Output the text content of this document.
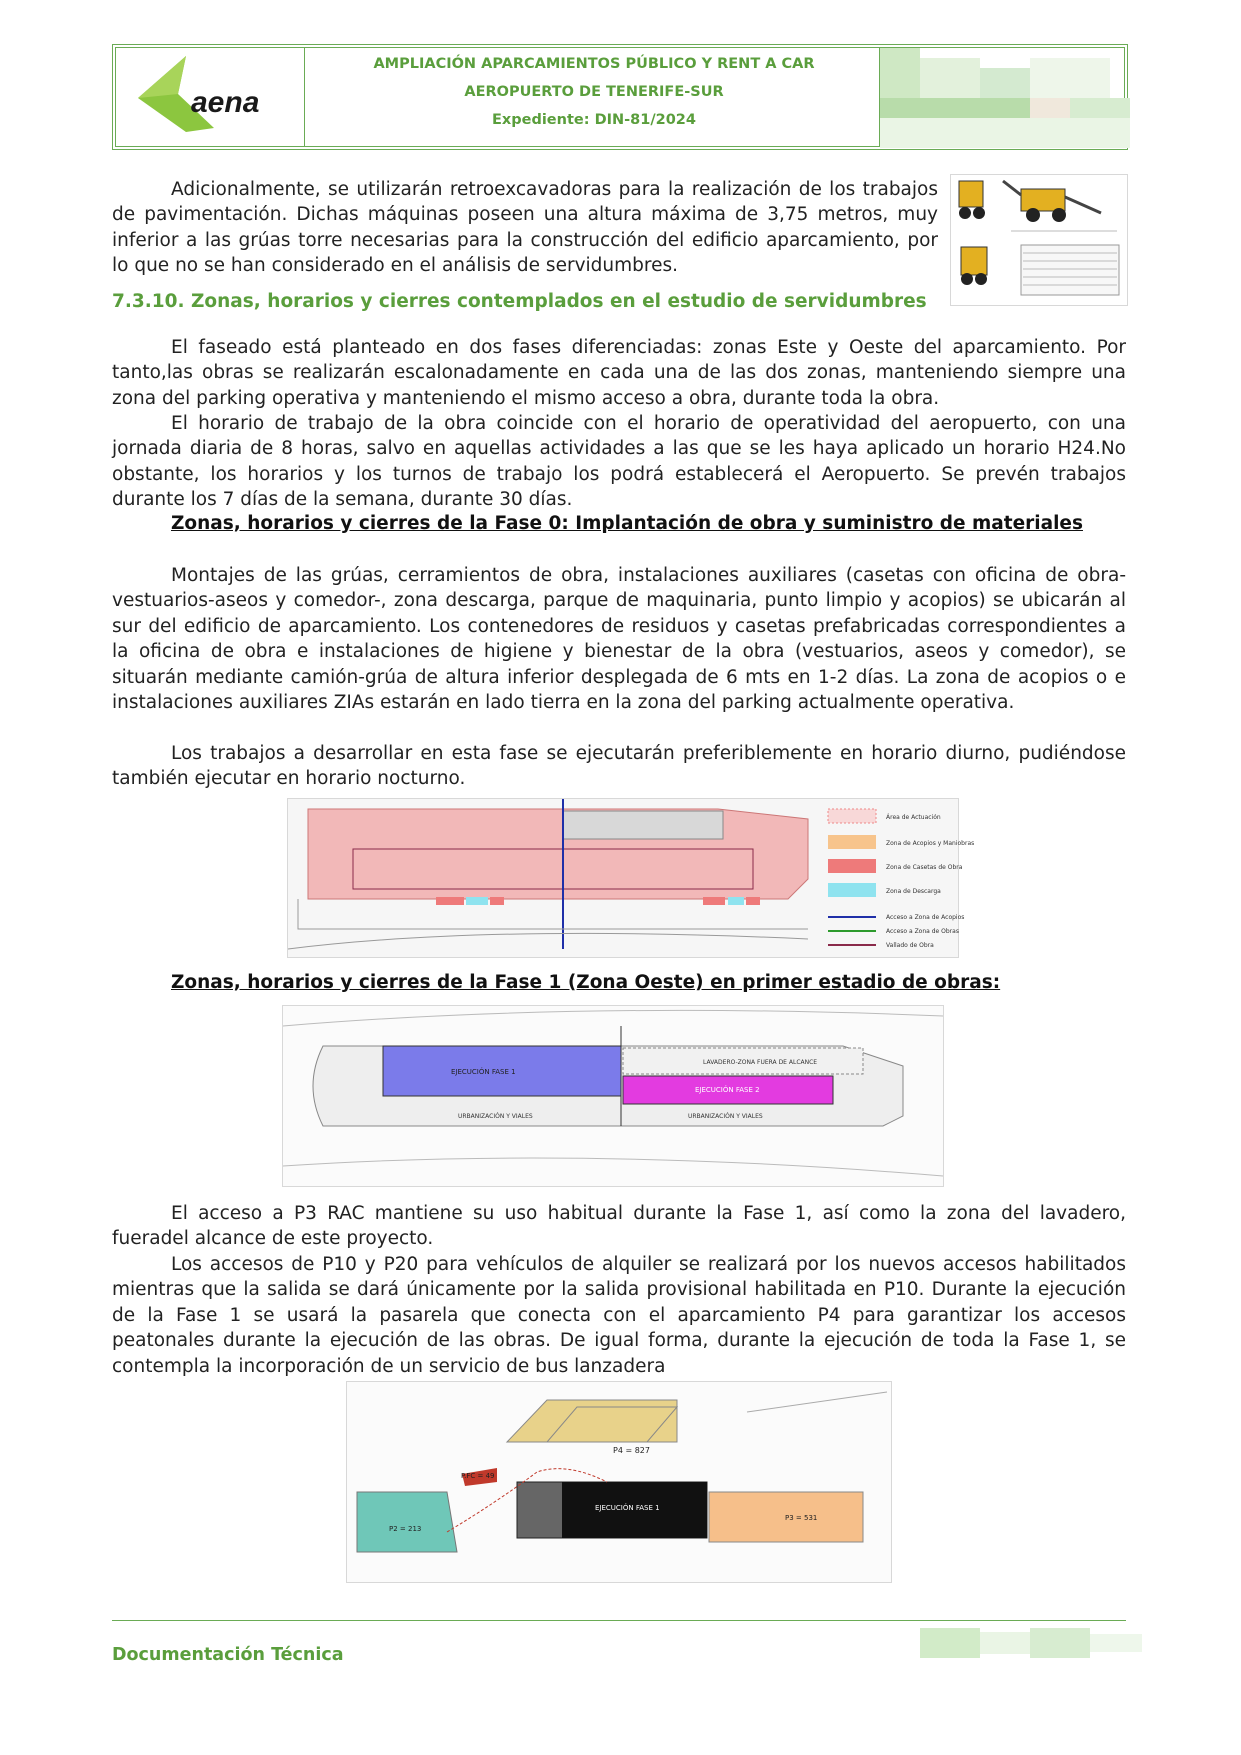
aena
AMPLIACIÓN APARCAMIENTOS PÚBLICO Y RENT A CAR
AEROPUERTO DE TENERIFE-SUR
Expediente: DIN-81/2024
Adicionalmente, se utilizarán retroexcavadoras para la realización de los trabajos de pavimentación. Dichas máquinas poseen una altura máxima de 3,75 metros, muy inferior a las grúas torre necesarias para la construcción del edificio aparcamiento, por lo que no se han considerado en el análisis de servidumbres.
7.3.10. Zonas, horarios y cierres contemplados en el estudio de servidumbres
El faseado está planteado en dos fases diferenciadas: zonas Este y Oeste del aparcamiento. Por tanto,las obras se realizarán escalonadamente en cada una de las dos zonas, manteniendo siempre una zona del parking operativa y manteniendo el mismo acceso a obra, durante toda la obra.
El horario de trabajo de la obra coincide con el horario de operatividad del aeropuerto, con una jornada diaria de 8 horas, salvo en aquellas actividades a las que se les haya aplicado un horario H24.No obstante, los horarios y los turnos de trabajo los podrá establecerá el Aeropuerto. Se prevén trabajos durante los 7 días de la semana, durante 30 días.
Zonas, horarios y cierres de la Fase 0: Implantación de obra y suministro de materiales
Montajes de las grúas, cerramientos de obra, instalaciones auxiliares (casetas con oficina de obra-vestuarios-aseos y comedor-, zona descarga, parque de maquinaria, punto limpio y acopios) se ubicarán al sur del edificio de aparcamiento. Los contenedores de residuos y casetas prefabricadas correspondientes a la oficina de obra e instalaciones de higiene y bienestar de la obra (vestuarios, aseos y comedor), se situarán mediante camión-grúa de altura inferior desplegada de 6 mts en 1-2 días. La zona de acopios o e instalaciones auxiliares ZIAs estarán en lado tierra en la zona del parking actualmente operativa.
Los trabajos a desarrollar en esta fase se ejecutarán preferiblemente en horario diurno, pudiéndose también ejecutar en horario nocturno.
Área de Actuación
Zona de Acopios y Maniobras
Zona de Casetas de Obra
Zona de Descarga
Acceso a Zona de Acopios
Acceso a Zona de Obras
Vallado de Obra
Zonas, horarios y cierres de la Fase 1 (Zona Oeste) en primer estadio de obras:
EJECUCIÓN FASE 1
EJECUCIÓN FASE 2
LAVADERO-ZONA FUERA DE ALCANCE
URBANIZACIÓN Y VIALES	URBANIZACIÓN Y VIALES
El acceso a P3 RAC mantiene su uso habitual durante la Fase 1, así como la zona del lavadero, fueradel alcance de este proyecto.
Los accesos de P10 y P20 para vehículos de alquiler se realizará por los nuevos accesos habilitados mientras que la salida se dará únicamente por la salida provisional habilitada en P10. Durante la ejecución de la Fase 1 se usará la pasarela que conecta con el aparcamiento P4 para garantizar los accesos peatonales durante la ejecución de las obras. De igual forma, durante la ejecución de toda la Fase 1, se contempla la incorporación de un servicio de bus lanzadera
P4 = 827
P3 = 531
P2 = 213
P.FC = 49
EJECUCIÓN FASE 1
Documentación Técnica
